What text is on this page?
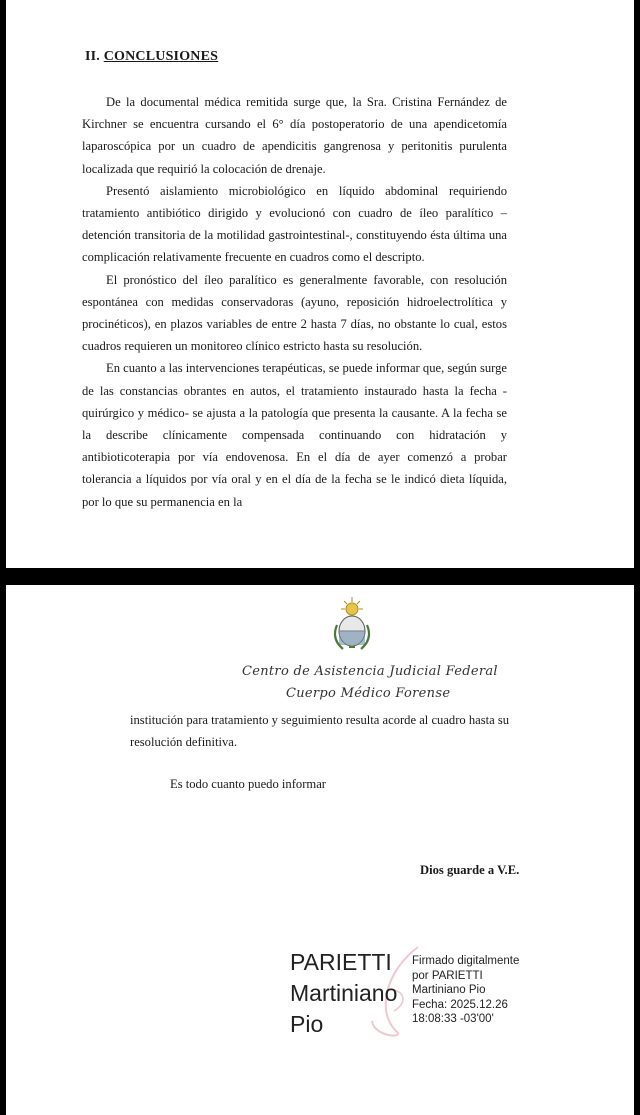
II. CONCLUSIONES

De la documental médica remitida surge que, la Sra. Cristina Fernández de Kirchner se encuentra cursando el 6° día postoperatorio de una apendicetomía laparoscópica por un cuadro de apendicitis gangrenosa y peritonitis purulenta localizada que requirió la colocación de drenaje.

Presentó aislamiento microbiológico en líquido abdominal requiriendo tratamiento antibiótico dirigido y evolucionó con cuadro de íleo paralítico –detención transitoria de la motilidad gastrointestinal-, constituyendo ésta última una complicación relativamente frecuente en cuadros como el descripto.

El pronóstico del íleo paralítico es generalmente favorable, con resolución espontánea con medidas conservadoras (ayuno, reposición hidroelectrolítica y procinéticos), en plazos variables de entre 2 hasta 7 días, no obstante lo cual, estos cuadros requieren un monitoreo clínico estricto hasta su resolución.

En cuanto a las intervenciones terapéuticas, se puede informar que, según surge de las constancias obrantes en autos, el tratamiento instaurado hasta la fecha -quirúrgico y médico- se ajusta a la patología que presenta la causante. A la fecha se la describe clínicamente compensada continuando con hidratación y antibioticoterapia por vía endovenosa. En el día de ayer comenzó a probar tolerancia a líquidos por vía oral y en el día de la fecha se le indicó dieta líquida, por lo que su permanencia en la

Centro de Asistencia Judicial Federal
Cuerpo Médico Forense

institución para tratamiento y seguimiento resulta acorde al cuadro hasta su resolución definitiva.

Es todo cuanto puedo informar
Dios guarde a V.E.
PARIETTI
Martiniano
Pio
Firmado digitalmente
por PARIETTI
Martiniano Pio
Fecha: 2025.12.26
18:08:33 -03'00'
